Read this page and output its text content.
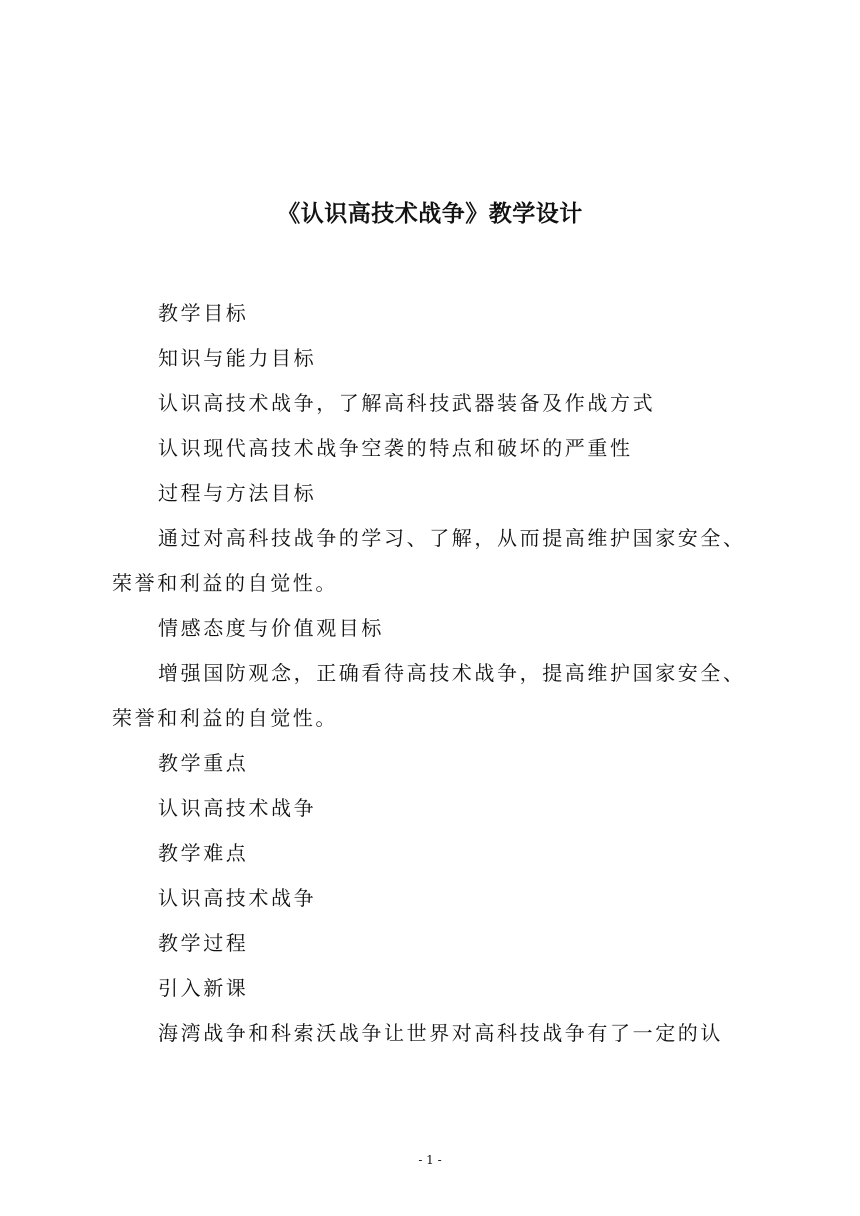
《认识高技术战争》教学设计

教学目标

知识与能力目标

认识高技术战争，了解高科技武器装备及作战方式

认识现代高技术战争空袭的特点和破坏的严重性

过程与方法目标

通过对高科技战争的学习、了解，从而提高维护国家安全、荣誉和利益的自觉性。

情感态度与价值观目标

增强国防观念，正确看待高技术战争，提高维护国家安全、荣誉和利益的自觉性。

教学重点

认识高技术战争

教学难点

认识高技术战争

教学过程

引入新课

海湾战争和科索沃战争让世界对高科技战争有了一定的认

- 1 -
